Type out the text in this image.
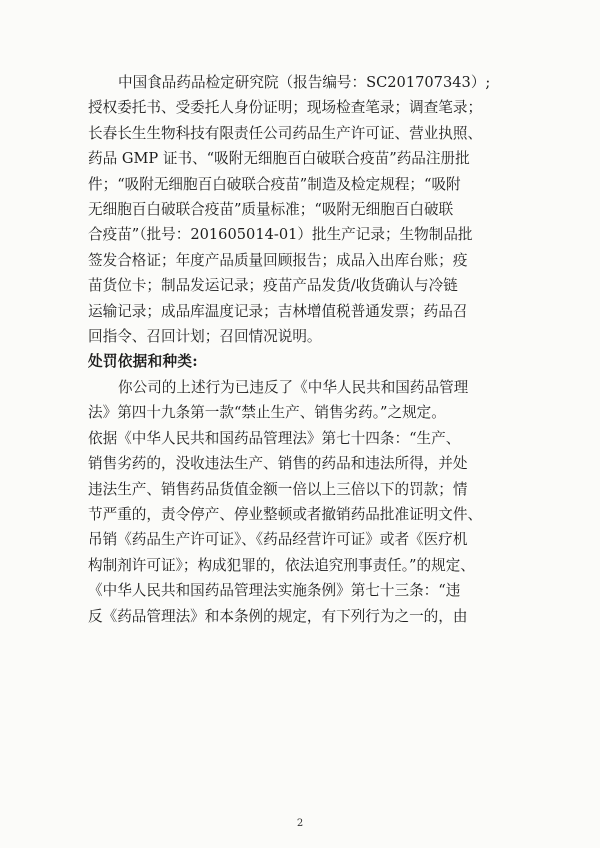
中国食品药品检定研究院（报告编号：SC201707343）;
授权委托书、受委托人身份证明；现场检查笔录；调查笔录；
长春长生生物科技有限责任公司药品生产许可证、营业执照、
药品 GMP 证书、“吸附无细胞百白破联合疫苗”药品注册批
件；“吸附无细胞百白破联合疫苗”制造及检定规程；“吸附
无细胞百白破联合疫苗”质量标准；“吸附无细胞百白破联
合疫苗”（批号：201605014-01）批生产记录；生物制品批
签发合格证；年度产品质量回顾报告；成品入出库台账；疫
苗货位卡；制品发运记录；疫苗产品发货/收货确认与冷链
运输记录；成品库温度记录；吉林增值税普通发票；药品召
回指令、召回计划；召回情况说明。
处罚依据和种类:
你公司的上述行为已违反了《中华人民共和国药品管理
法》第四十九条第一款“禁止生产、销售劣药。”之规定。
依据《中华人民共和国药品管理法》第七十四条：“生产、
销售劣药的，没收违法生产、销售的药品和违法所得，并处
违法生产、销售药品货值金额一倍以上三倍以下的罚款；情
节严重的，责令停产、停业整顿或者撤销药品批准证明文件、
吊销《药品生产许可证》、《药品经营许可证》或者《医疗机
构制剂许可证》；构成犯罪的，依法追究刑事责任。”的规定、
《中华人民共和国药品管理法实施条例》第七十三条：“违
反《药品管理法》和本条例的规定，有下列行为之一的，由
2
